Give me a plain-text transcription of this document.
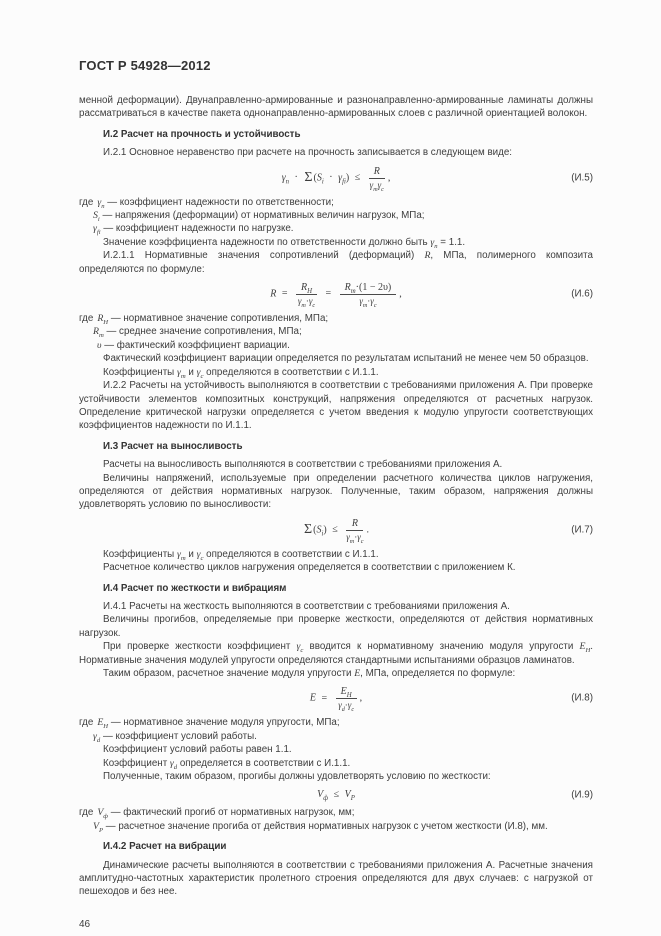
ГОСТ Р 54928—2012

менной деформации). Двунаправленно-армированные и разнонаправленно-армированные ламинаты должны рассматриваться в качестве пакета однонаправленно-армированных слоев с различной ориентацией волокон.

И.2 Расчет на прочность и устойчивость

И.2.1 Основное неравенство при расчете на прочность записывается в следующем виде:

$\gamma_n \cdot \Sigma(S_i \cdot \gamma_{fi}) \le \frac{R}{\gamma_m\gamma_c}$ ,	(И.5)
где $\gamma_n$ — коэффициент надежности по ответственности;
$S_i$ — напряжения (деформации) от нормативных величин нагрузок, МПа;
$\gamma_{fi}$ — коэффициент надежности по нагрузке.
Значение коэффициента надежности по ответственности должно быть $\gamma_n = 1.1$.

И.2.1.1 Нормативные значения сопротивлений (деформаций) R, МПа, полимерного композита определяются по формуле:

$R = \frac{R_Н}{\gamma_m\cdot\gamma_c} = \frac{R_m\cdot(1 - 2\upsilon)}{\gamma_m\cdot\gamma_c}$ ,	(И.6)
где $R_Н$ — нормативное значение сопротивления, МПа;
$R_m$ — среднее значение сопротивления, МПа;
υ — фактический коэффициент вариации.
Фактический коэффициент вариации определяется по результатам испытаний не менее чем 50 образцов.
Коэффициенты $\gamma_m$ и $\gamma_c$ определяются в соответствии с И.1.1.

И.2.2 Расчеты на устойчивость выполняются в соответствии с требованиями приложения А. При проверке устойчивости элементов композитных конструкций, напряжения определяются от расчетных нагрузок. Определение критической нагрузки определяется с учетом введения к модулю упругости соответствующих коэффициентов надежности по И.1.1.

И.3 Расчет на выносливость

Расчеты на выносливость выполняются в соответствии с требованиями приложения А.

Величины напряжений, используемые при определении расчетного количества циклов нагружения, определяются от действия нормативных нагрузок. Полученные, таким образом, напряжения должны удовлетворять условию по выносливости:

$\Sigma(S_i) \le \frac{R}{\gamma_m\cdot\gamma_c}$ .	(И.7)
Коэффициенты $\gamma_m$ и $\gamma_c$ определяются в соответствии с И.1.1.
Расчетное количество циклов нагружения определяется в соответствии с приложением К.
И.4 Расчет по жесткости и вибрациям

И.4.1 Расчеты на жесткость выполняются в соответствии с требованиями приложения А.

Величины прогибов, определяемые при проверке жесткости, определяются от действия нормативных нагрузок.

При проверке жесткости коэффициент $\gamma_c$ вводится к нормативному значению модуля упругости $E_Н$. Нормативные значения модулей упругости определяются стандартными испытаниями образцов ламинатов.

Таким образом, расчетное значение модуля упругости E, МПа, определяется по формуле:

$E = \frac{E_Н}{\gamma_d\cdot\gamma_c}$ ,	(И.8)
где $E_Н$ — нормативное значение модуля упругости, МПа;
$\gamma_d$ — коэффициент условий работы.
Коэффициент условий работы равен 1.1.
Коэффициент $\gamma_d$ определяется в соответствии с И.1.1.
Полученные, таким образом, прогибы должны удовлетворять условию по жесткости:
$V_ф \le V_Р$	(И.9)
где $V_ф$ — фактический прогиб от нормативных нагрузок, мм;
$V_Р$ — расчетное значение прогиба от действия нормативных нагрузок с учетом жесткости (И.8), мм.
И.4.2 Расчет на вибрации

Динамические расчеты выполняются в соответствии с требованиями приложения А. Расчетные значения амплитудно-частотных характеристик пролетного строения определяются для двух случаев: с нагрузкой от пешеходов и без нее.

46
